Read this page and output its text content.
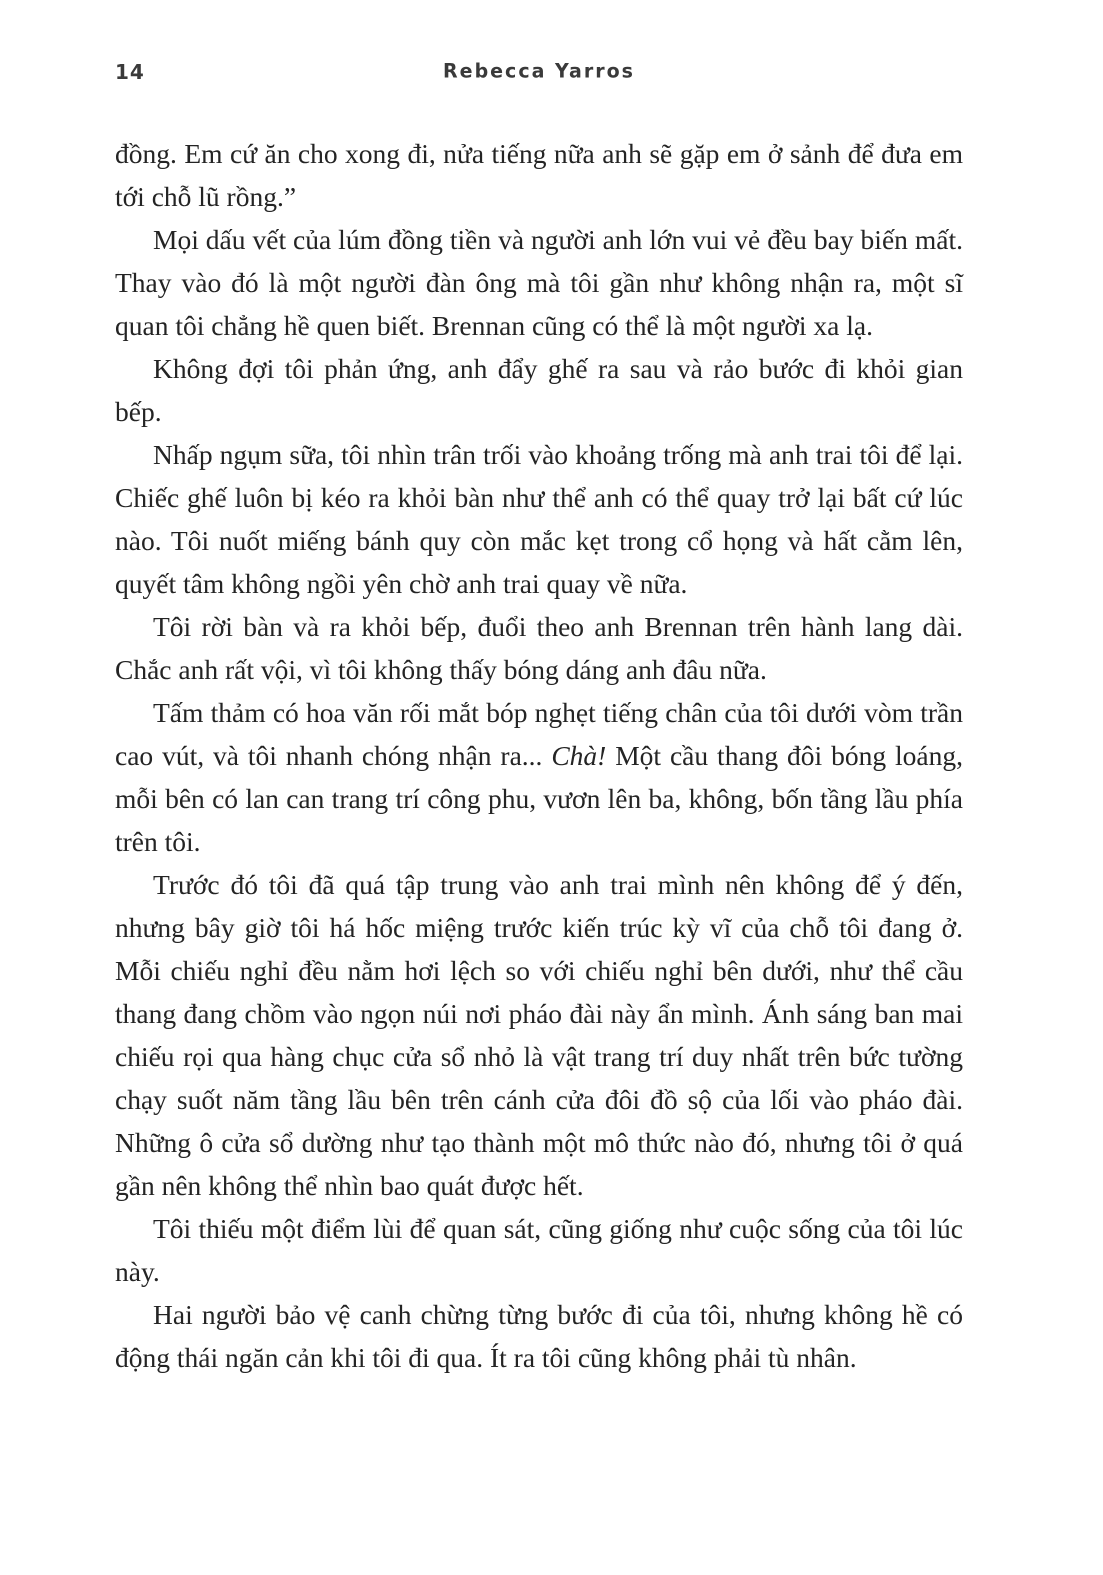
14	Rebecca Yarros

đồng. Em cứ ăn cho xong đi, nửa tiếng nữa anh sẽ gặp em ở sảnh để đưa em tới chỗ lũ rồng.”

Mọi dấu vết của lúm đồng tiền và người anh lớn vui vẻ đều bay biến mất. Thay vào đó là một người đàn ông mà tôi gần như không nhận ra, một sĩ quan tôi chẳng hề quen biết. Brennan cũng có thể là một người xa lạ.

Không đợi tôi phản ứng, anh đẩy ghế ra sau và rảo bước đi khỏi gian bếp.

Nhấp ngụm sữa, tôi nhìn trân trối vào khoảng trống mà anh trai tôi để lại. Chiếc ghế luôn bị kéo ra khỏi bàn như thể anh có thể quay trở lại bất cứ lúc nào. Tôi nuốt miếng bánh quy còn mắc kẹt trong cổ họng và hất cằm lên, quyết tâm không ngồi yên chờ anh trai quay về nữa.

Tôi rời bàn và ra khỏi bếp, đuổi theo anh Brennan trên hành lang dài. Chắc anh rất vội, vì tôi không thấy bóng dáng anh đâu nữa.

Tấm thảm có hoa văn rối mắt bóp nghẹt tiếng chân của tôi dưới vòm trần cao vút, và tôi nhanh chóng nhận ra... Chà! Một cầu thang đôi bóng loáng, mỗi bên có lan can trang trí công phu, vươn lên ba, không, bốn tầng lầu phía trên tôi.

Trước đó tôi đã quá tập trung vào anh trai mình nên không để ý đến, nhưng bây giờ tôi há hốc miệng trước kiến trúc kỳ vĩ của chỗ tôi đang ở. Mỗi chiếu nghỉ đều nằm hơi lệch so với chiếu nghỉ bên dưới, như thể cầu thang đang chồm vào ngọn núi nơi pháo đài này ẩn mình. Ánh sáng ban mai chiếu rọi qua hàng chục cửa sổ nhỏ là vật trang trí duy nhất trên bức tường chạy suốt năm tầng lầu bên trên cánh cửa đôi đồ sộ của lối vào pháo đài. Những ô cửa sổ dường như tạo thành một mô thức nào đó, nhưng tôi ở quá gần nên không thể nhìn bao quát được hết.

Tôi thiếu một điểm lùi để quan sát, cũng giống như cuộc sống của tôi lúc này.

Hai người bảo vệ canh chừng từng bước đi của tôi, nhưng không hề có động thái ngăn cản khi tôi đi qua. Ít ra tôi cũng không phải tù nhân.
